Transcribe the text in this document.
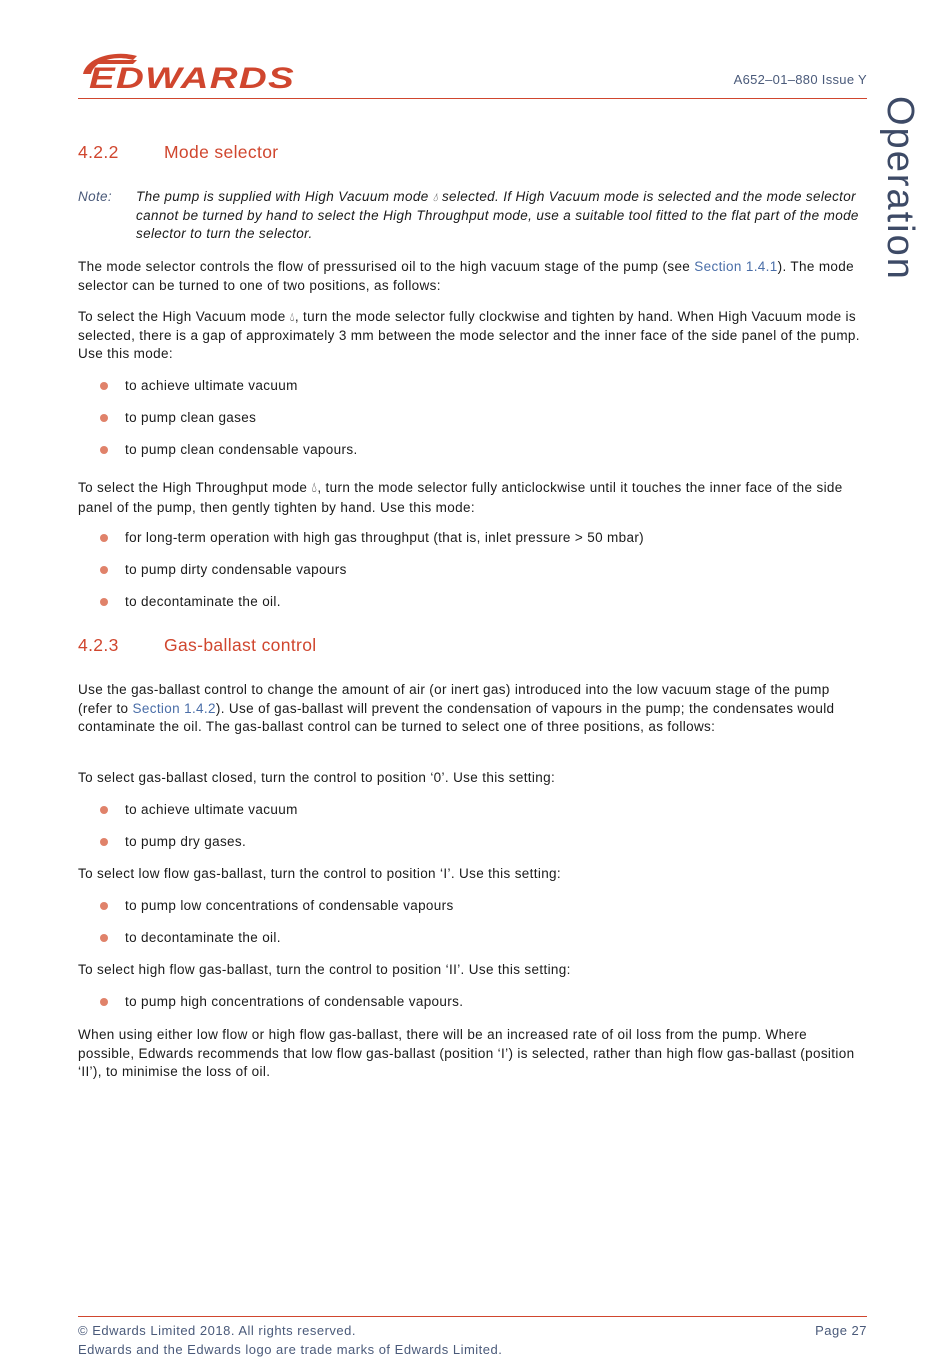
EDWARDS	A652–01–880 Issue Y
Operation
4.2.2	Mode selector
Note: The pump is supplied with High Vacuum mode 💧︎ selected. If High Vacuum mode is selected and the mode selector cannot be turned by hand to select the High Throughput mode, use a suitable tool fitted to the flat part of the mode selector to turn the selector.
The mode selector controls the flow of pressurised oil to the high vacuum stage of the pump (see Section 1.4.1). The mode selector can be turned to one of two positions, as follows:
To select the High Vacuum mode 💧︎, turn the mode selector fully clockwise and tighten by hand. When High Vacuum mode is selected, there is a gap of approximately 3 mm between the mode selector and the inner face of the side panel of the pump. Use this mode:
to achieve ultimate vacuum
to pump clean gases
to pump clean condensable vapours.
To select the High Throughput mode 💧︎, turn the mode selector fully anticlockwise until it touches the inner face of the side panel of the pump, then gently tighten by hand. Use this mode:
for long-term operation with high gas throughput (that is, inlet pressure > 50 mbar)
to pump dirty condensable vapours
to decontaminate the oil.
4.2.3	Gas-ballast control
Use the gas-ballast control to change the amount of air (or inert gas) introduced into the low vacuum stage of the pump (refer to Section 1.4.2). Use of gas-ballast will prevent the condensation of vapours in the pump; the condensates would contaminate the oil. The gas-ballast control can be turned to select one of three positions, as follows:
To select gas-ballast closed, turn the control to position ‘0’. Use this setting:
to achieve ultimate vacuum
to pump dry gases.
To select low flow gas-ballast, turn the control to position ‘I’. Use this setting:
to pump low concentrations of condensable vapours
to decontaminate the oil.
To select high flow gas-ballast, turn the control to position ‘II’. Use this setting:
to pump high concentrations of condensable vapours.
When using either low flow or high flow gas-ballast, there will be an increased rate of oil loss from the pump. Where possible, Edwards recommends that low flow gas-ballast (position ‘I’) is selected, rather than high flow gas-ballast (position ‘II’), to minimise the loss of oil.
© Edwards Limited 2018. All rights reserved.
Edwards and the Edwards logo are trade marks of Edwards Limited.
Page 27
